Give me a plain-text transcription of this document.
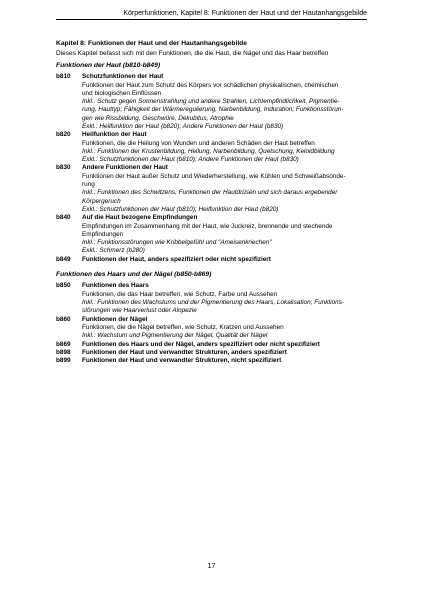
Körperfunktionen, Kapitel 8: Funktionen der Haut und der Hautanhangsgebilde
Kapitel 8: Funktionen der Haut und der Hautanhangsgebilde
Dieses Kapitel befasst sich mit den Funktionen, die die Haut, die Nägel und das Haar betreffen
Funktionen der Haut (b810-b849)
b810	Schutzfunktionen der Haut
Funktionen der Haut zum Schutz des Körpers vor schädlichen physikalischen, chemischen
und biologischen Einflüssen
Inkl.: Schutz gegen Sonnenstrahlung und andere Strahlen, Lichtempfindlichkeit, Pigmentie-
rung, Hauttyp; Fähigkeit der Wärmeregulierung, Narbenbildung, Induration; Funktionsstörun-
gen wie Rissbildung, Geschwüre, Dekubitus, Atrophie
Exkl.: Heilfunktion der Haut (b820); Andere Funktionen der Haut (b830)
b820	Heilfunktion der Haut
Funktionen, die die Heilung von Wunden und anderen Schäden der Haut betreffen
Inkl.: Funktionen der Krustenbildung, Heilung, Narbenbildung, Quetschung, Keloidbildung
Exkl.: Schutzfunktionen der Haut (b810); Andere Funktionen der Haut (b830)
b830	Andere Funktionen der Haut
Funktionen der Haut außer Schutz und Wiederherstellung, wie Kühlen und Schweißabsonde-
rung
Inkl.: Funktionen des Schwitzens, Funktionen der Hautdrüsen und sich daraus ergebender
Körpergeruch
Exkl.: Schutzfunktionen der Haut (b810); Heilfunktion der Haut (b820)
b840	Auf die Haut bezogene Empfindungen
Empfindungen im Zusammenhang mit der Haut, wie Juckreiz, brennende und stechende
Empfindungen
Inkl.: Funktionsstörungen wie Kribbelgefühl und "Ameisenkriechen"
Exkl.: Schmerz (b280)
b849	Funktionen der Haut, anders spezifiziert oder nicht spezifiziert
Funktionen des Haars und der Nägel (b850-b869)
b850	Funktionen des Haars
Funktionen, die das Haar betreffen, wie Schutz, Farbe und Aussehen
Inkl.: Funktionen des Wachstums und der Pigmentierung des Haars, Lokalisation; Funktions-
störungen wie Haarverlust oder Alopezie
b860	Funktionen der Nägel
Funktionen, die die Nägel betreffen, wie Schutz, Kratzen und Aussehen
Inkl.: Wachstum und Pigmentierung der Nägel, Qualität der Nägel
b869	Funktionen des Haars und der Nägel, anders spezifiziert oder nicht spezifiziert
b898	Funktionen der Haut und verwandter Strukturen, anders spezifiziert
b899	Funktionen der Haut und verwandter Strukturen, nicht spezifiziert
17
